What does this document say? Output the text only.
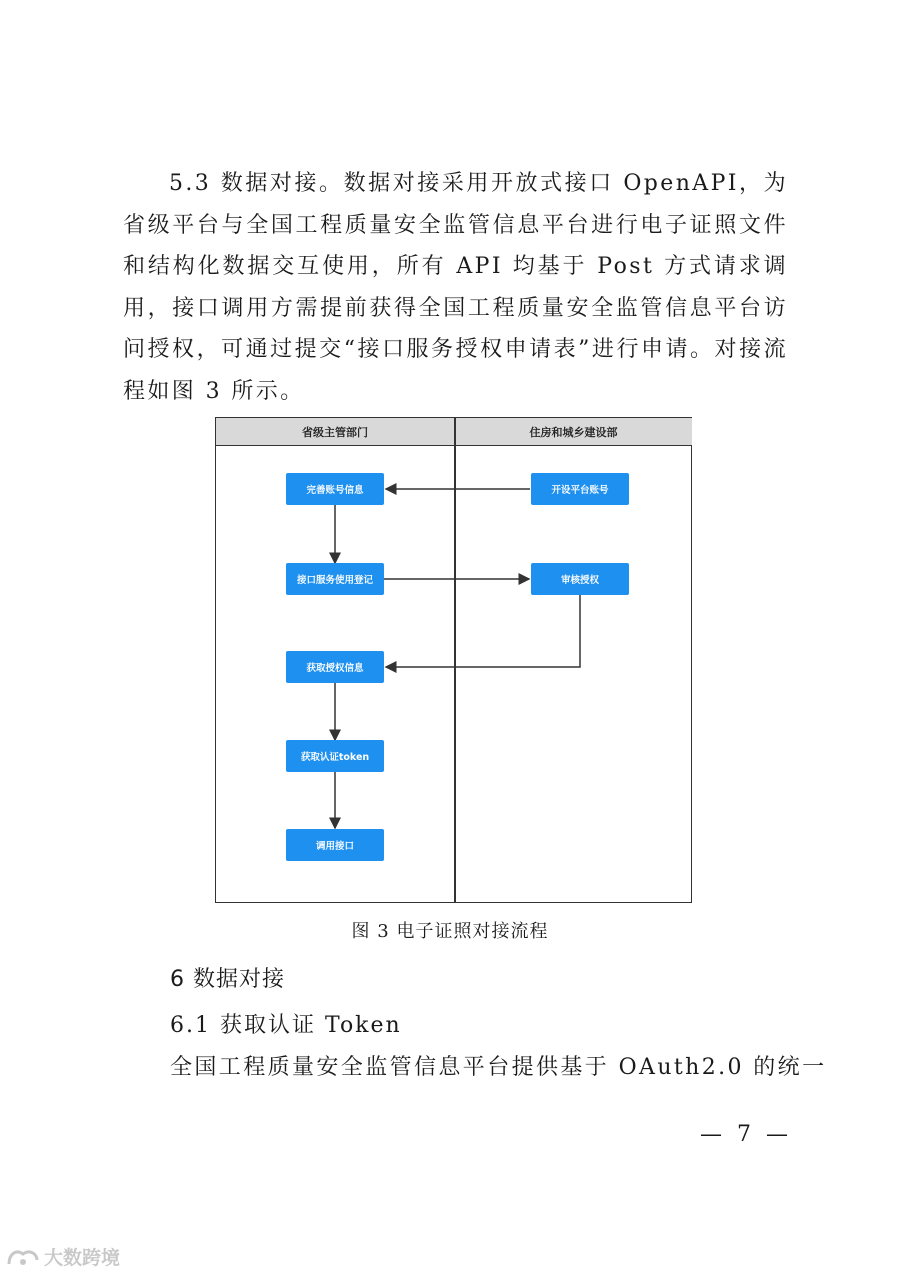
5.3 数据对接。数据对接采用开放式接口 OpenAPI，为省级平台与全国工程质量安全监管信息平台进行电子证照文件和结构化数据交互使用，所有 API 均基于 Post 方式请求调用，接口调用方需提前获得全国工程质量安全监管信息平台访问授权，可通过提交“接口服务授权申请表”进行申请。对接流程如图 3 所示。

省级主管部门	住房和城乡建设部
完善账号信息
接口服务使用登记
获取授权信息
获取认证token
调用接口
开设平台账号
审核授权
图 3 电子证照对接流程
6 数据对接
6.1 获取认证 Token
全国工程质量安全监管信息平台提供基于 OAuth2.0 的统一
— 7 —
大数跨境
